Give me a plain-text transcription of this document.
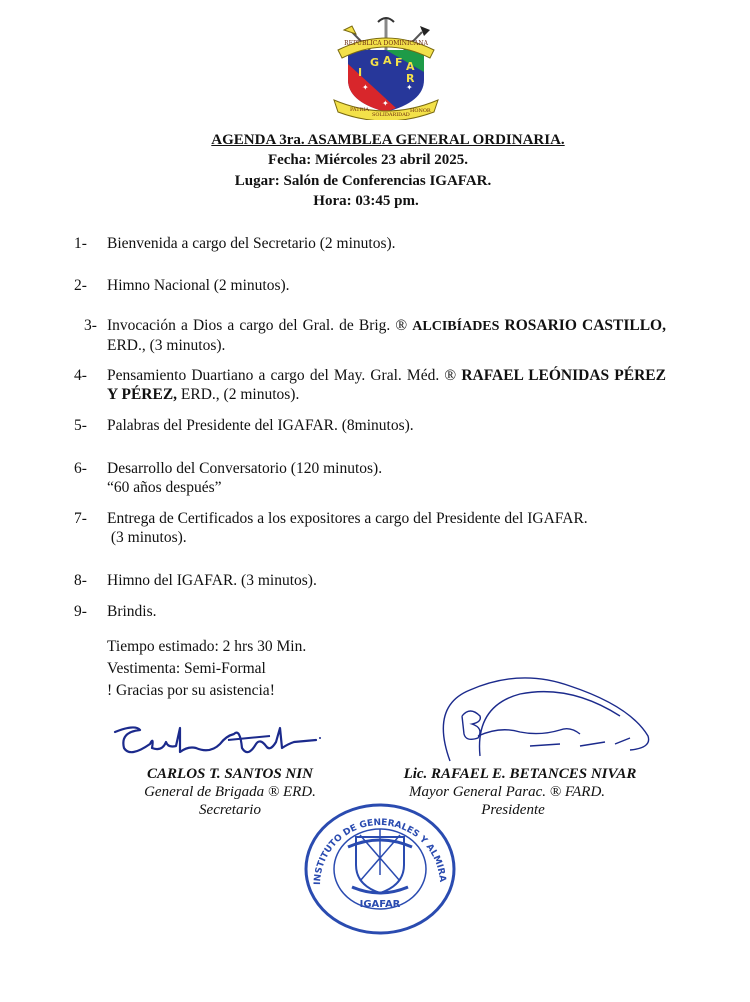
REPÚBLICA DOMINICANA
I
G A F A
R
✦	✦
✦
PATRIA
SOLIDARIDAD
HONOR
AGENDA 3ra. ASAMBLEA GENERAL ORDINARIA.
Fecha: Miércoles 23 abril 2025.
Lugar: Salón de Conferencias IGAFAR.
Hora: 03:45 pm.
1- Bienvenida a cargo del Secretario (2 minutos).
2- Himno Nacional (2 minutos).
3- Invocación a Dios a cargo del Gral. de Brig. ® ALCIBÍADES ROSARIO CASTILLO, ERD., (3 minutos).
4- Pensamiento Duartiano a cargo del May. Gral. Méd. ® RAFAEL LEÓNIDAS PÉREZ Y PÉREZ, ERD., (2 minutos).
5- Palabras del Presidente del IGAFAR. (8minutos).
6- Desarrollo del Conversatorio (120 minutos).
“60 años después”
7- Entrega de Certificados a los expositores a cargo del Presidente del IGAFAR.
(3 minutos).
8- Himno del IGAFAR. (3 minutos).
9- Brindis.
Tiempo estimado: 2 hrs 30 Min.
Vestimenta: Semi-Formal
! Gracias por su asistencia!
CARLOS T. SANTOS NIN
General de Brigada ® ERD.
Secretario
Lic. RAFAEL E. BETANCES NIVAR
Mayor General Parac. ® FARD.
Presidente
INSTITUTO DE GENERALES Y ALMIRA
IGAFAR
